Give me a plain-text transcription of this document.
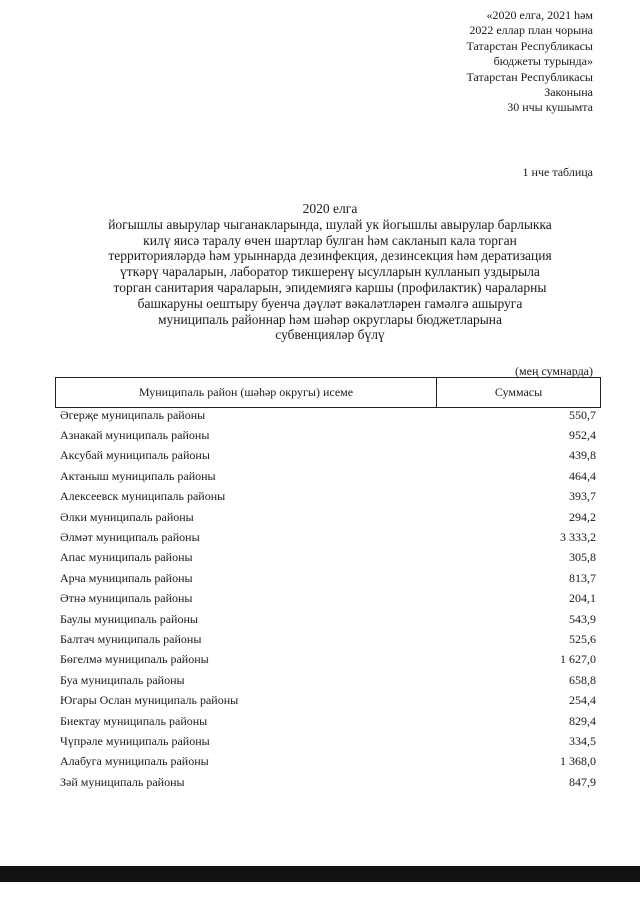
«2020 елга, 2021 һәм
2022 еллар план чорына
Татарстан Республикасы
бюджеты турында»
Татарстан Республикасы
Законына
30 нчы кушымта
1 нче таблица
2020 елга
йогышлы авырулар чыганакларында, шулай ук йогышлы авырулар барлыкка
килү яисә таралу өчен шартлар булган һәм сакланып кала торган
территорияләрдә һәм урыннарда дезинфекция, дезинсекция һәм дератизация
үткәрү чараларын, лаборатор тикшеренү ысулларын кулланып уздырыла
торган санитария чараларын, эпидемиягә каршы (профилактик) чараларны
башкаруны оештыру буенча дәүләт вәкаләтләрен гамәлгә ашыруга
муниципаль районнар һәм шәһәр округлары бюджетларына
субвенцияләр бүлү
(мең сумнарда)
Муниципаль район (шәһәр округы) исеме	Суммасы
Әгерҗе муниципаль районы	550,7
Азнакай муниципаль районы	952,4
Аксубай муниципаль районы	439,8
Актаныш муниципаль районы	464,4
Алексеевск муниципаль районы	393,7
Әлки муниципаль районы	294,2
Әлмәт муниципаль районы	3 333,2
Апас муниципаль районы	305,8
Арча муниципаль районы	813,7
Әтнә муниципаль районы	204,1
Баулы муниципаль районы	543,9
Балтач муниципаль районы	525,6
Бөгелмә муниципаль районы	1 627,0
Буа муниципаль районы	658,8
Югары Ослан муниципаль районы	254,4
Биектау муниципаль районы	829,4
Чүпрәле муниципаль районы	334,5
Алабуга муниципаль районы	1 368,0
Зәй муниципаль районы	847,9
